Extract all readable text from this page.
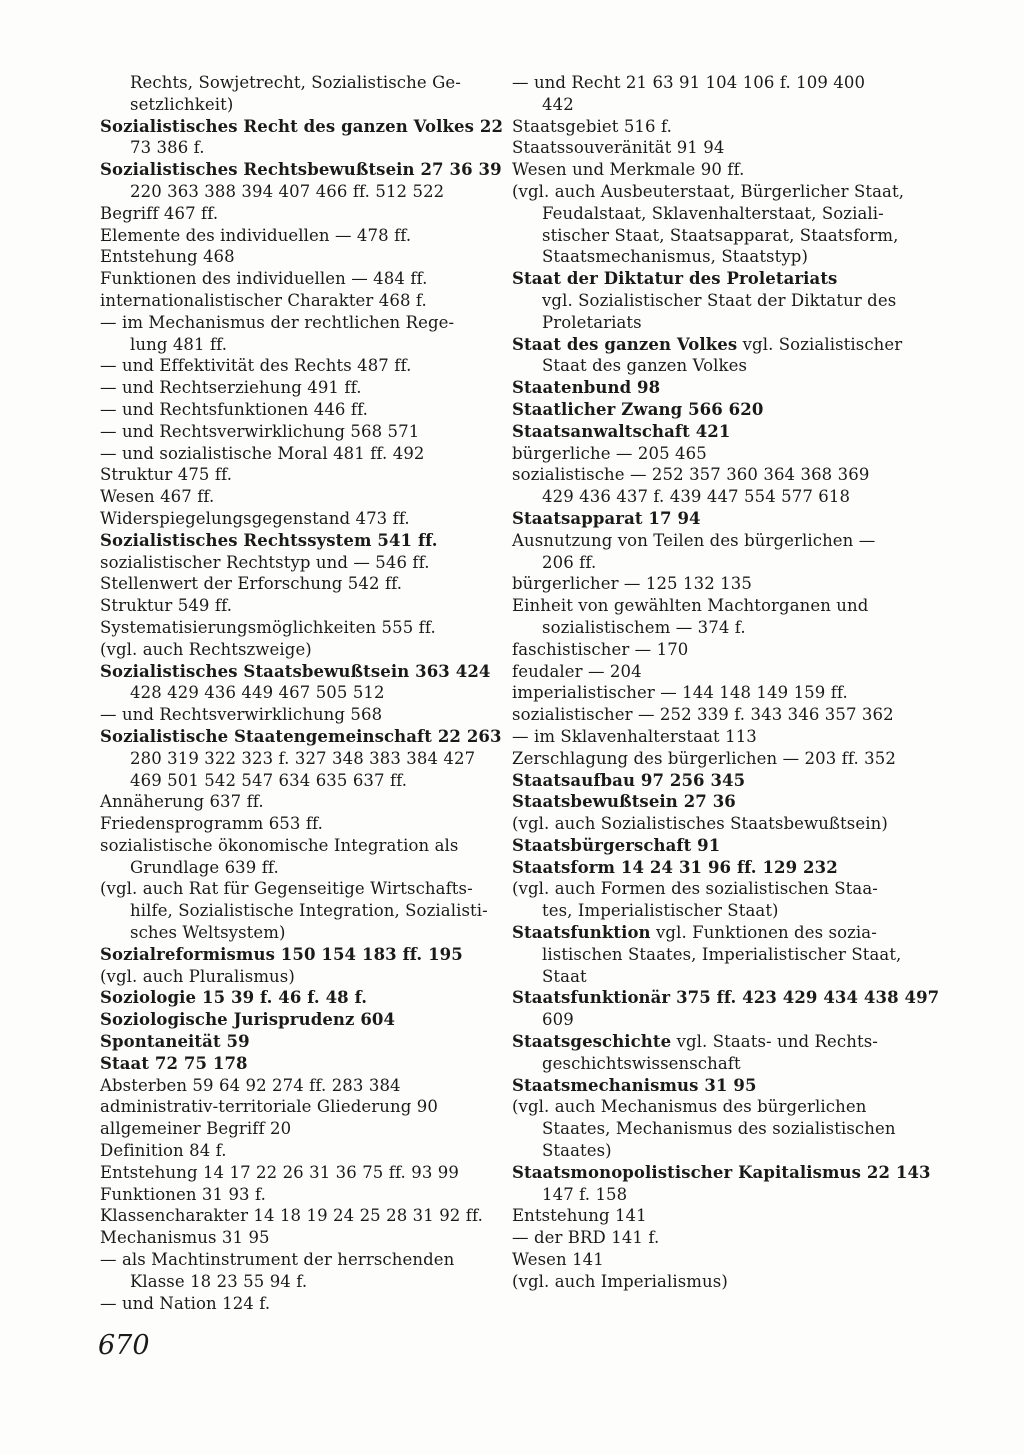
Rechts, Sowjetrecht, Sozialistische Ge-
setzlichkeit)
Sozialistisches Recht des ganzen Volkes 22
73 386 f.
Sozialistisches Rechtsbewußtsein 27 36 39
220 363 388 394 407 466 ff. 512 522
Begriff 467 ff.
Elemente des individuellen — 478 ff.
Entstehung 468
Funktionen des individuellen — 484 ff.
internationalistischer Charakter 468 f.
— im Mechanismus der rechtlichen Rege-
lung 481 ff.
— und Effektivität des Rechts 487 ff.
— und Rechtserziehung 491 ff.
— und Rechtsfunktionen 446 ff.
— und Rechtsverwirklichung 568 571
— und sozialistische Moral 481 ff. 492
Struktur 475 ff.
Wesen 467 ff.
Widerspiegelungsgegenstand 473 ff.
Sozialistisches Rechtssystem 541 ff.
sozialistischer Rechtstyp und — 546 ff.
Stellenwert der Erforschung 542 ff.
Struktur 549 ff.
Systematisierungsmöglichkeiten 555 ff.
(vgl. auch Rechtszweige)
Sozialistisches Staatsbewußtsein 363 424
428 429 436 449 467 505 512
— und Rechtsverwirklichung 568
Sozialistische Staatengemeinschaft 22 263
280 319 322 323 f. 327 348 383 384 427
469 501 542 547 634 635 637 ff.
Annäherung 637 ff.
Friedensprogramm 653 ff.
sozialistische ökonomische Integration als
Grundlage 639 ff.
(vgl. auch Rat für Gegenseitige Wirtschafts-
hilfe, Sozialistische Integration, Sozialisti-
sches Weltsystem)
Sozialreformismus 150 154 183 ff. 195
(vgl. auch Pluralismus)
Soziologie 15 39 f. 46 f. 48 f.
Soziologische Jurisprudenz 604
Spontaneität 59
Staat 72 75 178
Absterben 59 64 92 274 ff. 283 384
administrativ-territoriale Gliederung 90
allgemeiner Begriff 20
Definition 84 f.
Entstehung 14 17 22 26 31 36 75 ff. 93 99
Funktionen 31 93 f.
Klassencharakter 14 18 19 24 25 28 31 92 ff.
Mechanismus 31 95
— als Machtinstrument der herrschenden
Klasse 18 23 55 94 f.
— und Nation 124 f.
— und Recht 21 63 91 104 106 f. 109 400
442
Staatsgebiet 516 f.
Staatssouveränität 91 94
Wesen und Merkmale 90 ff.
(vgl. auch Ausbeuterstaat, Bürgerlicher Staat,
Feudalstaat, Sklavenhalterstaat, Soziali-
stischer Staat, Staatsapparat, Staatsform,
Staatsmechanismus, Staatstyp)
Staat der Diktatur des Proletariats
vgl. Sozialistischer Staat der Diktatur des
Proletariats
Staat des ganzen Volkes vgl. Sozialistischer
Staat des ganzen Volkes
Staatenbund 98
Staatlicher Zwang 566 620
Staatsanwaltschaft 421
bürgerliche — 205 465
sozialistische — 252 357 360 364 368 369
429 436 437 f. 439 447 554 577 618
Staatsapparat 17 94
Ausnutzung von Teilen des bürgerlichen —
206 ff.
bürgerlicher — 125 132 135
Einheit von gewählten Machtorganen und
sozialistischem — 374 f.
faschistischer — 170
feudaler — 204
imperialistischer — 144 148 149 159 ff.
sozialistischer — 252 339 f. 343 346 357 362
— im Sklavenhalterstaat 113
Zerschlagung des bürgerlichen — 203 ff. 352
Staatsaufbau 97 256 345
Staatsbewußtsein 27 36
(vgl. auch Sozialistisches Staatsbewußtsein)
Staatsbürgerschaft 91
Staatsform 14 24 31 96 ff. 129 232
(vgl. auch Formen des sozialistischen Staa-
tes, Imperialistischer Staat)
Staatsfunktion vgl. Funktionen des sozia-
listischen Staates, Imperialistischer Staat,
Staat
Staatsfunktionär 375 ff. 423 429 434 438 497
609
Staatsgeschichte vgl. Staats- und Rechts-
geschichtswissenschaft
Staatsmechanismus 31 95
(vgl. auch Mechanismus des bürgerlichen
Staates, Mechanismus des sozialistischen
Staates)
Staatsmonopolistischer Kapitalismus 22 143
147 f. 158
Entstehung 141
— der BRD 141 f.
Wesen 141
(vgl. auch Imperialismus)
670
